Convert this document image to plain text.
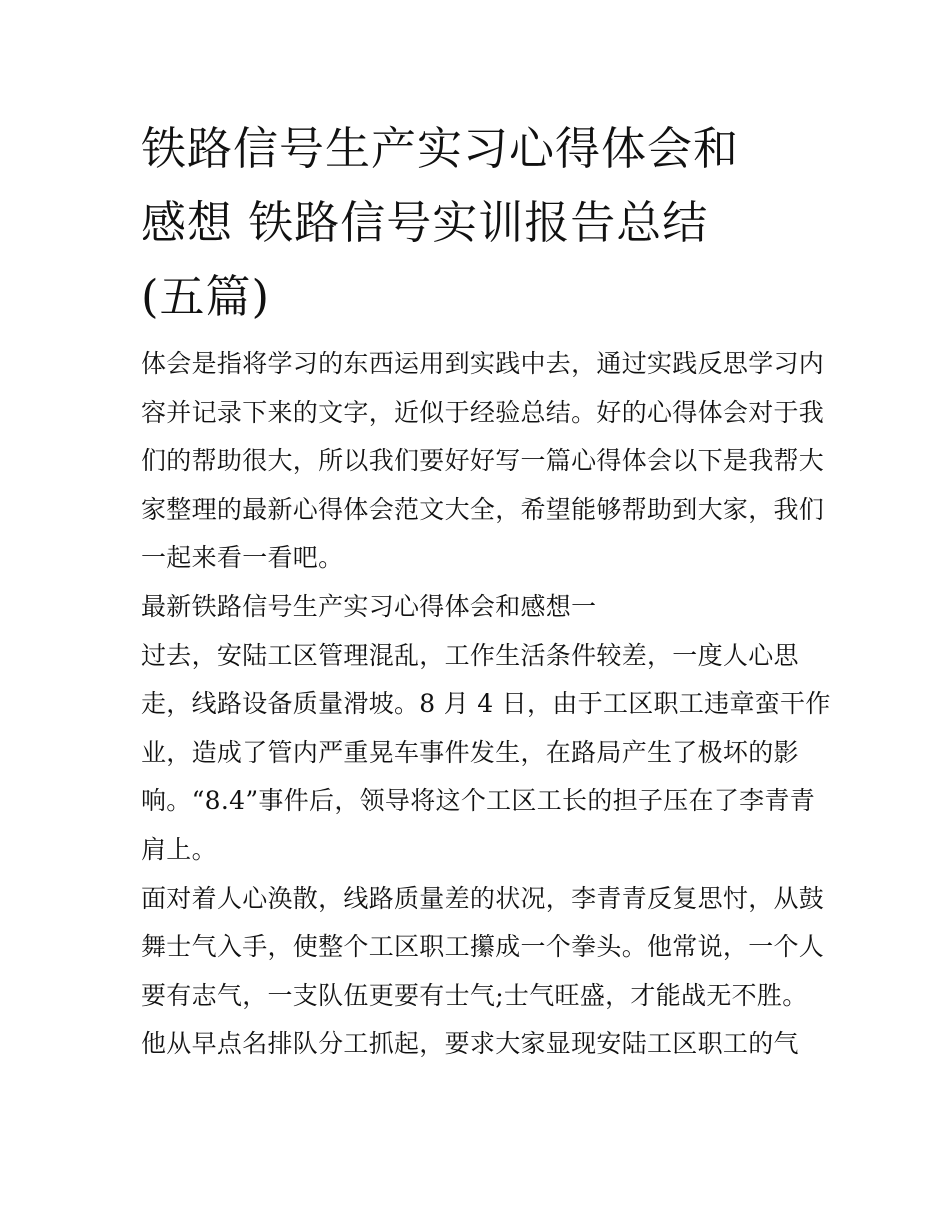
铁路信号生产实习心得体会和
感想 铁路信号实训报告总结
(五篇)

体会是指将学习的东西运用到实践中去，通过实践反思学习内
容并记录下来的文字，近似于经验总结。好的心得体会对于我
们的帮助很大，所以我们要好好写一篇心得体会以下是我帮大
家整理的最新心得体会范文大全，希望能够帮助到大家，我们
一起来看一看吧。

最新铁路信号生产实习心得体会和感想一

过去，安陆工区管理混乱，工作生活条件较差，一度人心思
走，线路设备质量滑坡。8 月 4 日，由于工区职工违章蛮干作
业，造成了管内严重晃车事件发生，在路局产生了极坏的影
响。“8.4”事件后，领导将这个工区工长的担子压在了李青青
肩上。

面对着人心涣散，线路质量差的状况，李青青反复思忖，从鼓
舞士气入手，使整个工区职工攥成一个拳头。他常说，一个人
要有志气，一支队伍更要有士气;士气旺盛，才能战无不胜。
他从早点名排队分工抓起，要求大家显现安陆工区职工的气
